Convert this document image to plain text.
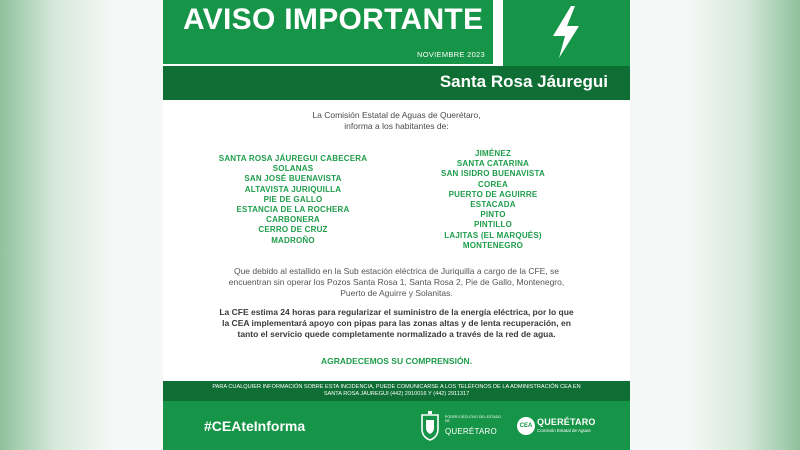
AVISO IMPORTANTE
NOVIEMBRE 2023
Santa Rosa Jáuregui
La Comisión Estatal de Aguas de Querétaro,
informa a los habitantes de:
SANTA ROSA JÁUREGUI CABECERA
SOLANAS
SAN JOSÉ BUENAVISTA
ALTAVISTA JURIQUILLA
PIE DE GALLO
ESTANCIA DE LA ROCHERA
CARBONERA
CERRO DE CRUZ
MADROÑO
JIMÉNEZ
SANTA CATARINA
SAN ISIDRO BUENAVISTA
COREA
PUERTO DE AGUIRRE
ESTACADA
PINTO
PINTILLO
LAJITAS (EL MARQUÉS)
MONTENEGRO
Que debido al estallido en la Sub estación eléctrica de Juriquilla a cargo de la CFE, se
encuentran sin operar los Pozos Santa Rosa 1, Santa Rosa 2, Pie de Gallo, Montenegro,
Puerto de Aguirre y Solanitas.
La CFE estima 24 horas para regularizar el suministro de la energía eléctrica, por lo que
la CEA implementará apoyo con pipas para las zonas altas y de lenta recuperación, en
tanto el servicio quede completamente normalizado a través de la red de agua.
AGRADECEMOS SU COMPRENSIÓN.
PARA CUALQUIER INFORMACIÓN SOBRE ESTA INCIDENCIA, PUEDE COMUNICARSE A LOS TELÉFONOS DE LA ADMINISTRACIÓN CEA EN
SANTA ROSA JÁUREGUI (442) 2910016 Y (442) 2911317
#CEAteInforma
PODER EJECUTIVO DEL ESTADO DE
QUERÉTARO
CEA QUERÉTARO
Comisión Estatal de Aguas
